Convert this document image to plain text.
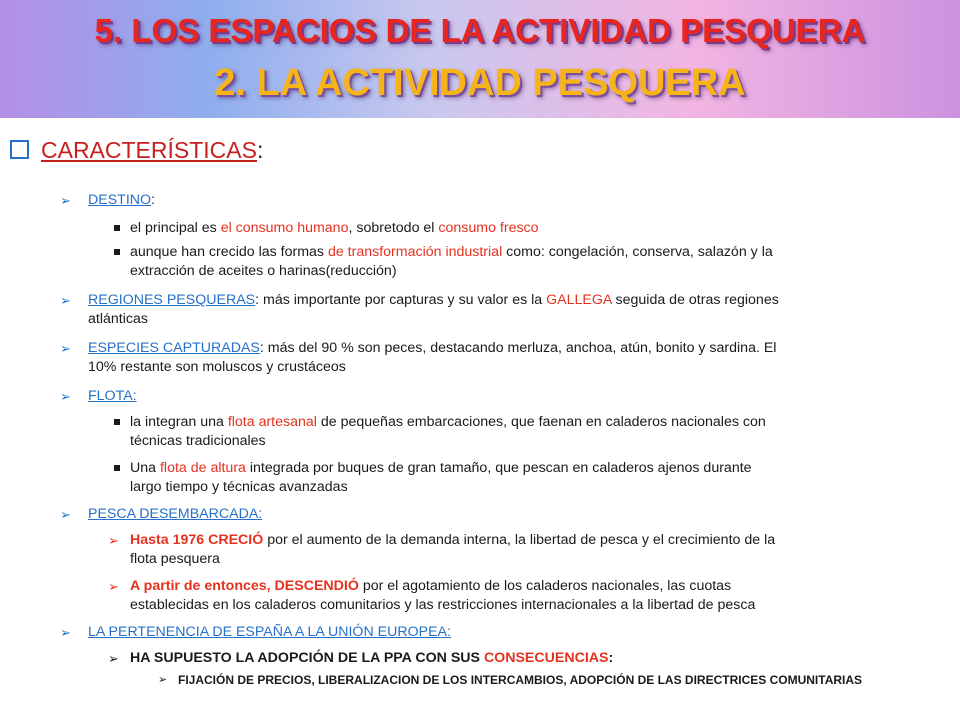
5. LOS ESPACIOS DE LA ACTIVIDAD PESQUERA
2. LA ACTIVIDAD PESQUERA
CARACTERÍSTICAS:
➢ DESTINO:
el principal es el consumo humano, sobretodo el consumo fresco
aunque han crecido las formas de transformación industrial como: congelación, conserva, salazón y la
extracción de aceites o harinas(reducción)
➢ REGIONES PESQUERAS: más importante por capturas y su valor es la GALLEGA seguida de otras regiones
atlánticas
➢ ESPECIES CAPTURADAS: más del 90 % son peces, destacando merluza, anchoa, atún, bonito y sardina. El
10% restante son moluscos y crustáceos
➢ FLOTA:
la integran una flota artesanal de pequeñas embarcaciones, que faenan en caladeros nacionales con
técnicas tradicionales
Una flota de altura integrada por buques de gran tamaño, que pescan en caladeros ajenos durante
largo tiempo y técnicas avanzadas
➢ PESCA DESEMBARCADA:
➢ Hasta 1976 CRECIÓ por el aumento de la demanda interna, la libertad de pesca y el crecimiento de la
flota pesquera
➢ A partir de entonces, DESCENDIÓ por el agotamiento de los caladeros nacionales, las cuotas
establecidas en los caladeros comunitarios y las restricciones internacionales a la libertad de pesca
➢ LA PERTENENCIA DE ESPAÑA A LA UNIÓN EUROPEA:
➢ HA SUPUESTO LA ADOPCIÓN DE LA PPA CON SUS CONSECUENCIAS:
➢ FIJACIÓN DE PRECIOS, LIBERALIZACION DE LOS INTERCAMBIOS, ADOPCIÓN DE LAS DIRECTRICES COMUNITARIAS
